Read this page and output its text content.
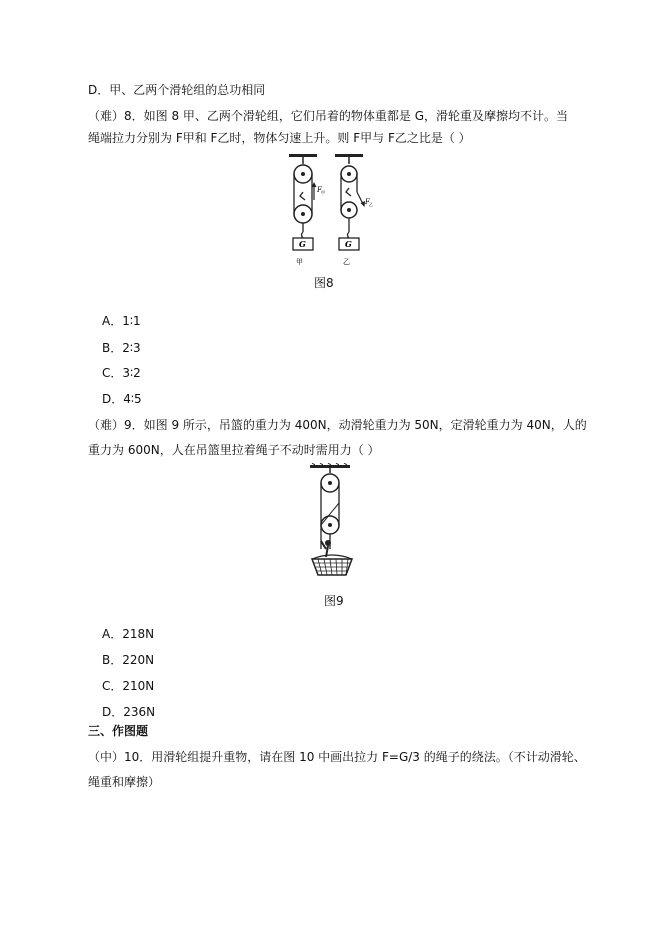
D．甲、乙两个滑轮组的总功相同
（难）8．如图 8 甲、乙两个滑轮组，它们吊着的物体重都是 G，滑轮重及摩擦均不计。当
绳端拉力分别为 F甲和 F乙时，物体匀速上升。则 F甲与 F乙之比是（ ）
F 甲
G
甲
F 乙
G
乙
图8
A．1∶1
B．2∶3
C．3∶2
D．4∶5
（难）9．如图 9 所示，吊篮的重力为 400N，动滑轮重力为 50N，定滑轮重力为 40N，人的
重力为 600N，人在吊篮里拉着绳子不动时需用力（ ）
图9
A．218N
B．220N
C．210N
D．236N
三、作图题
（中）10．用滑轮组提升重物，请在图 10 中画出拉力 F=G/3 的绳子的绕法。（不计动滑轮、
绳重和摩擦）
